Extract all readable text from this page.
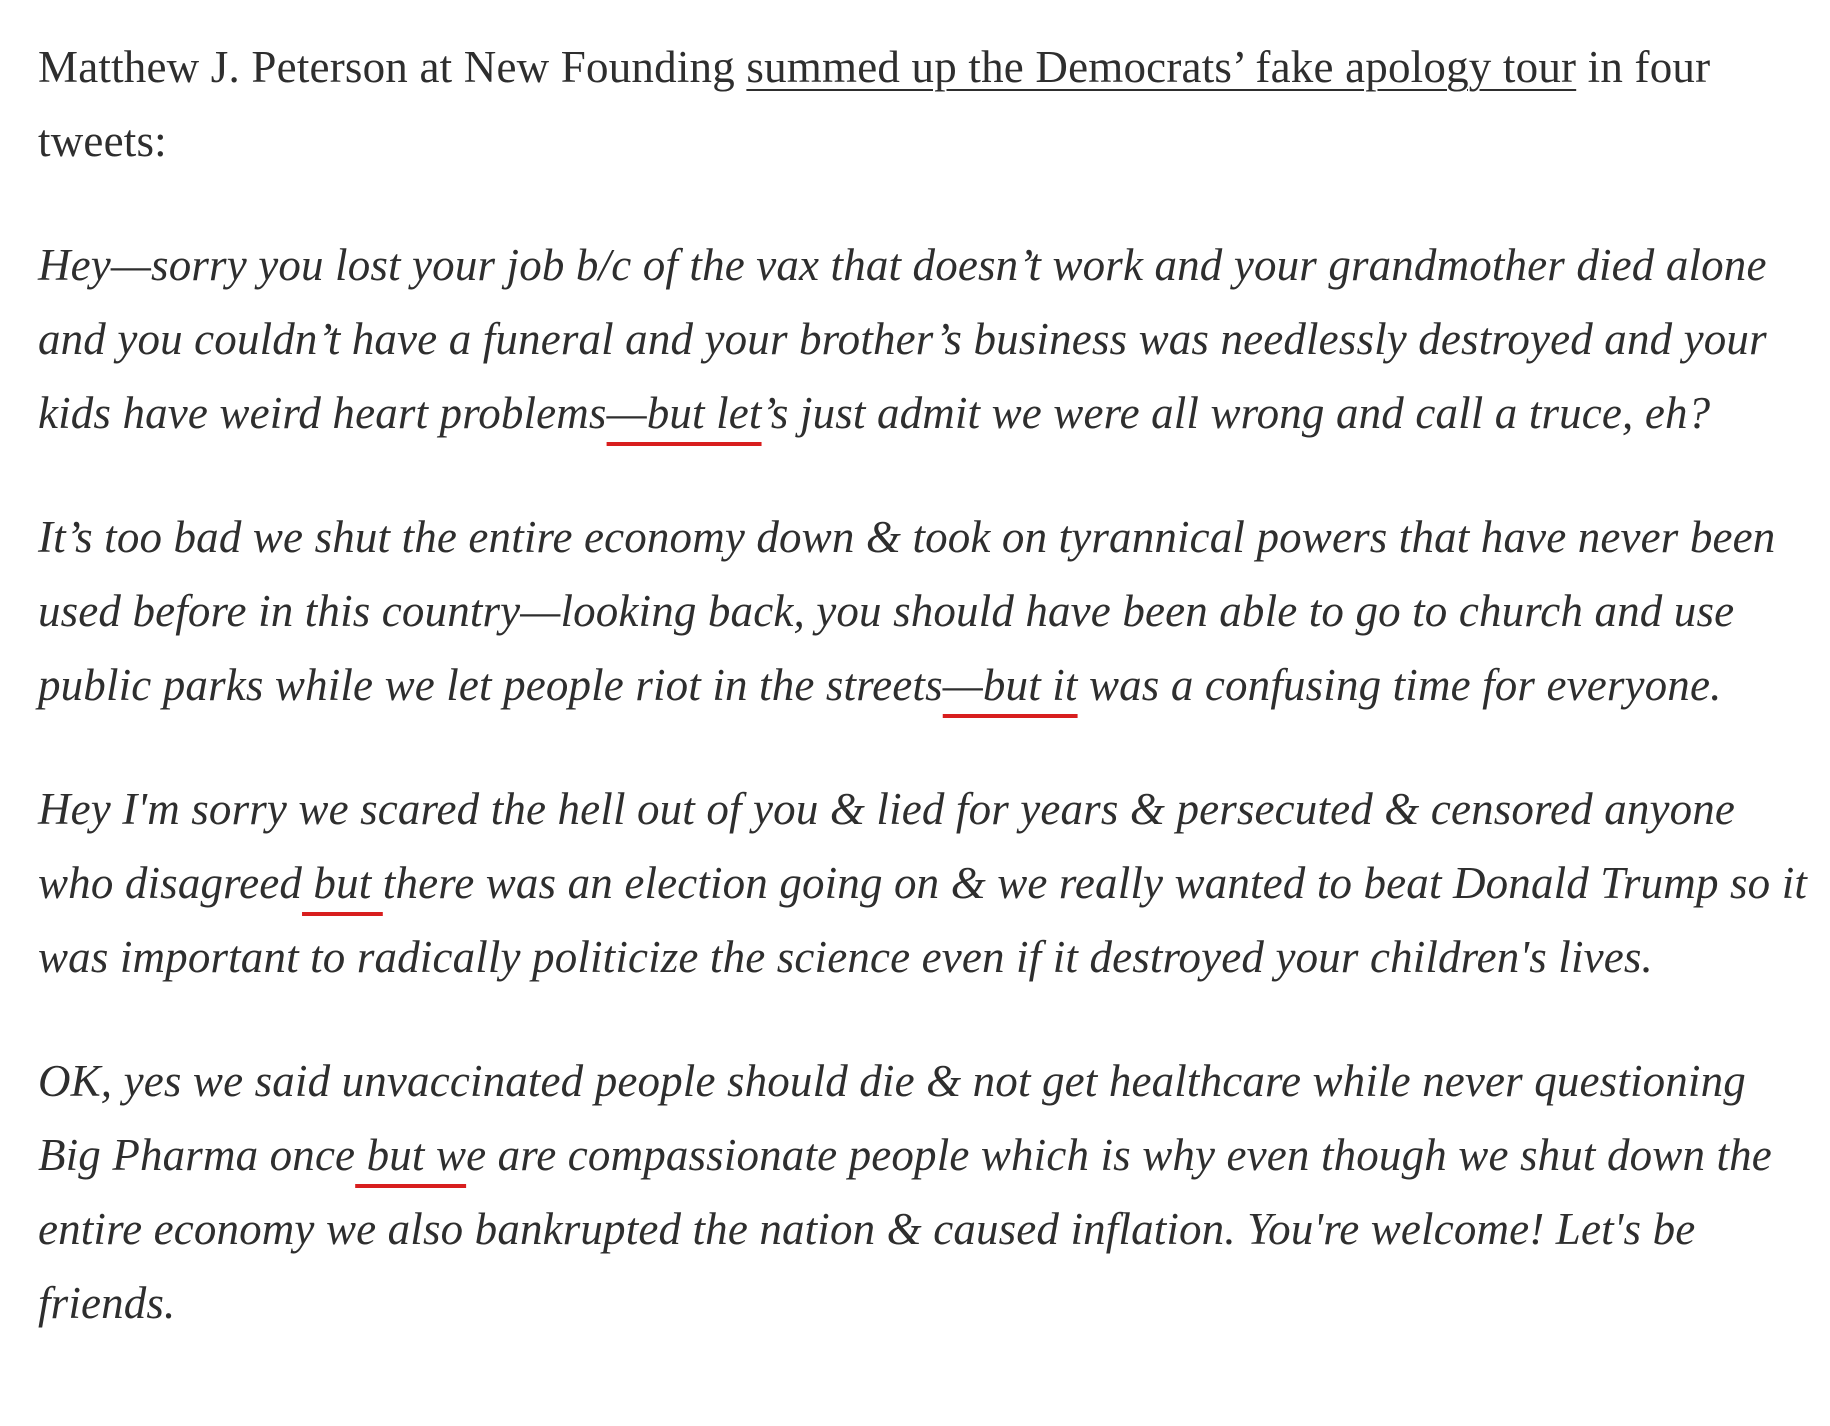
Matthew J. Peterson at New Founding summed up the Democrats’ fake apology tour in four tweets:

Hey—sorry you lost your job b/c of the vax that doesn’t work and your grandmother died alone and you couldn’t have a funeral and your brother’s business was needlessly destroyed and your kids have weird heart problems—but let’s just admit we were all wrong and call a truce, eh?

It’s too bad we shut the entire economy down & took on tyrannical powers that have never been used before in this country—looking back, you should have been able to go to church and use public parks while we let people riot in the streets—but it was a confusing time for everyone.

Hey I'm sorry we scared the hell out of you & lied for years & persecuted & censored anyone who disagreed but there was an election going on & we really wanted to beat Donald Trump so it was important to radically politicize the science even if it destroyed your children's lives.

OK, yes we said unvaccinated people should die & not get healthcare while never questioning Big Pharma once but we are compassionate people which is why even though we shut down the entire economy we also bankrupted the nation & caused inflation. You're welcome! Let's be friends.
